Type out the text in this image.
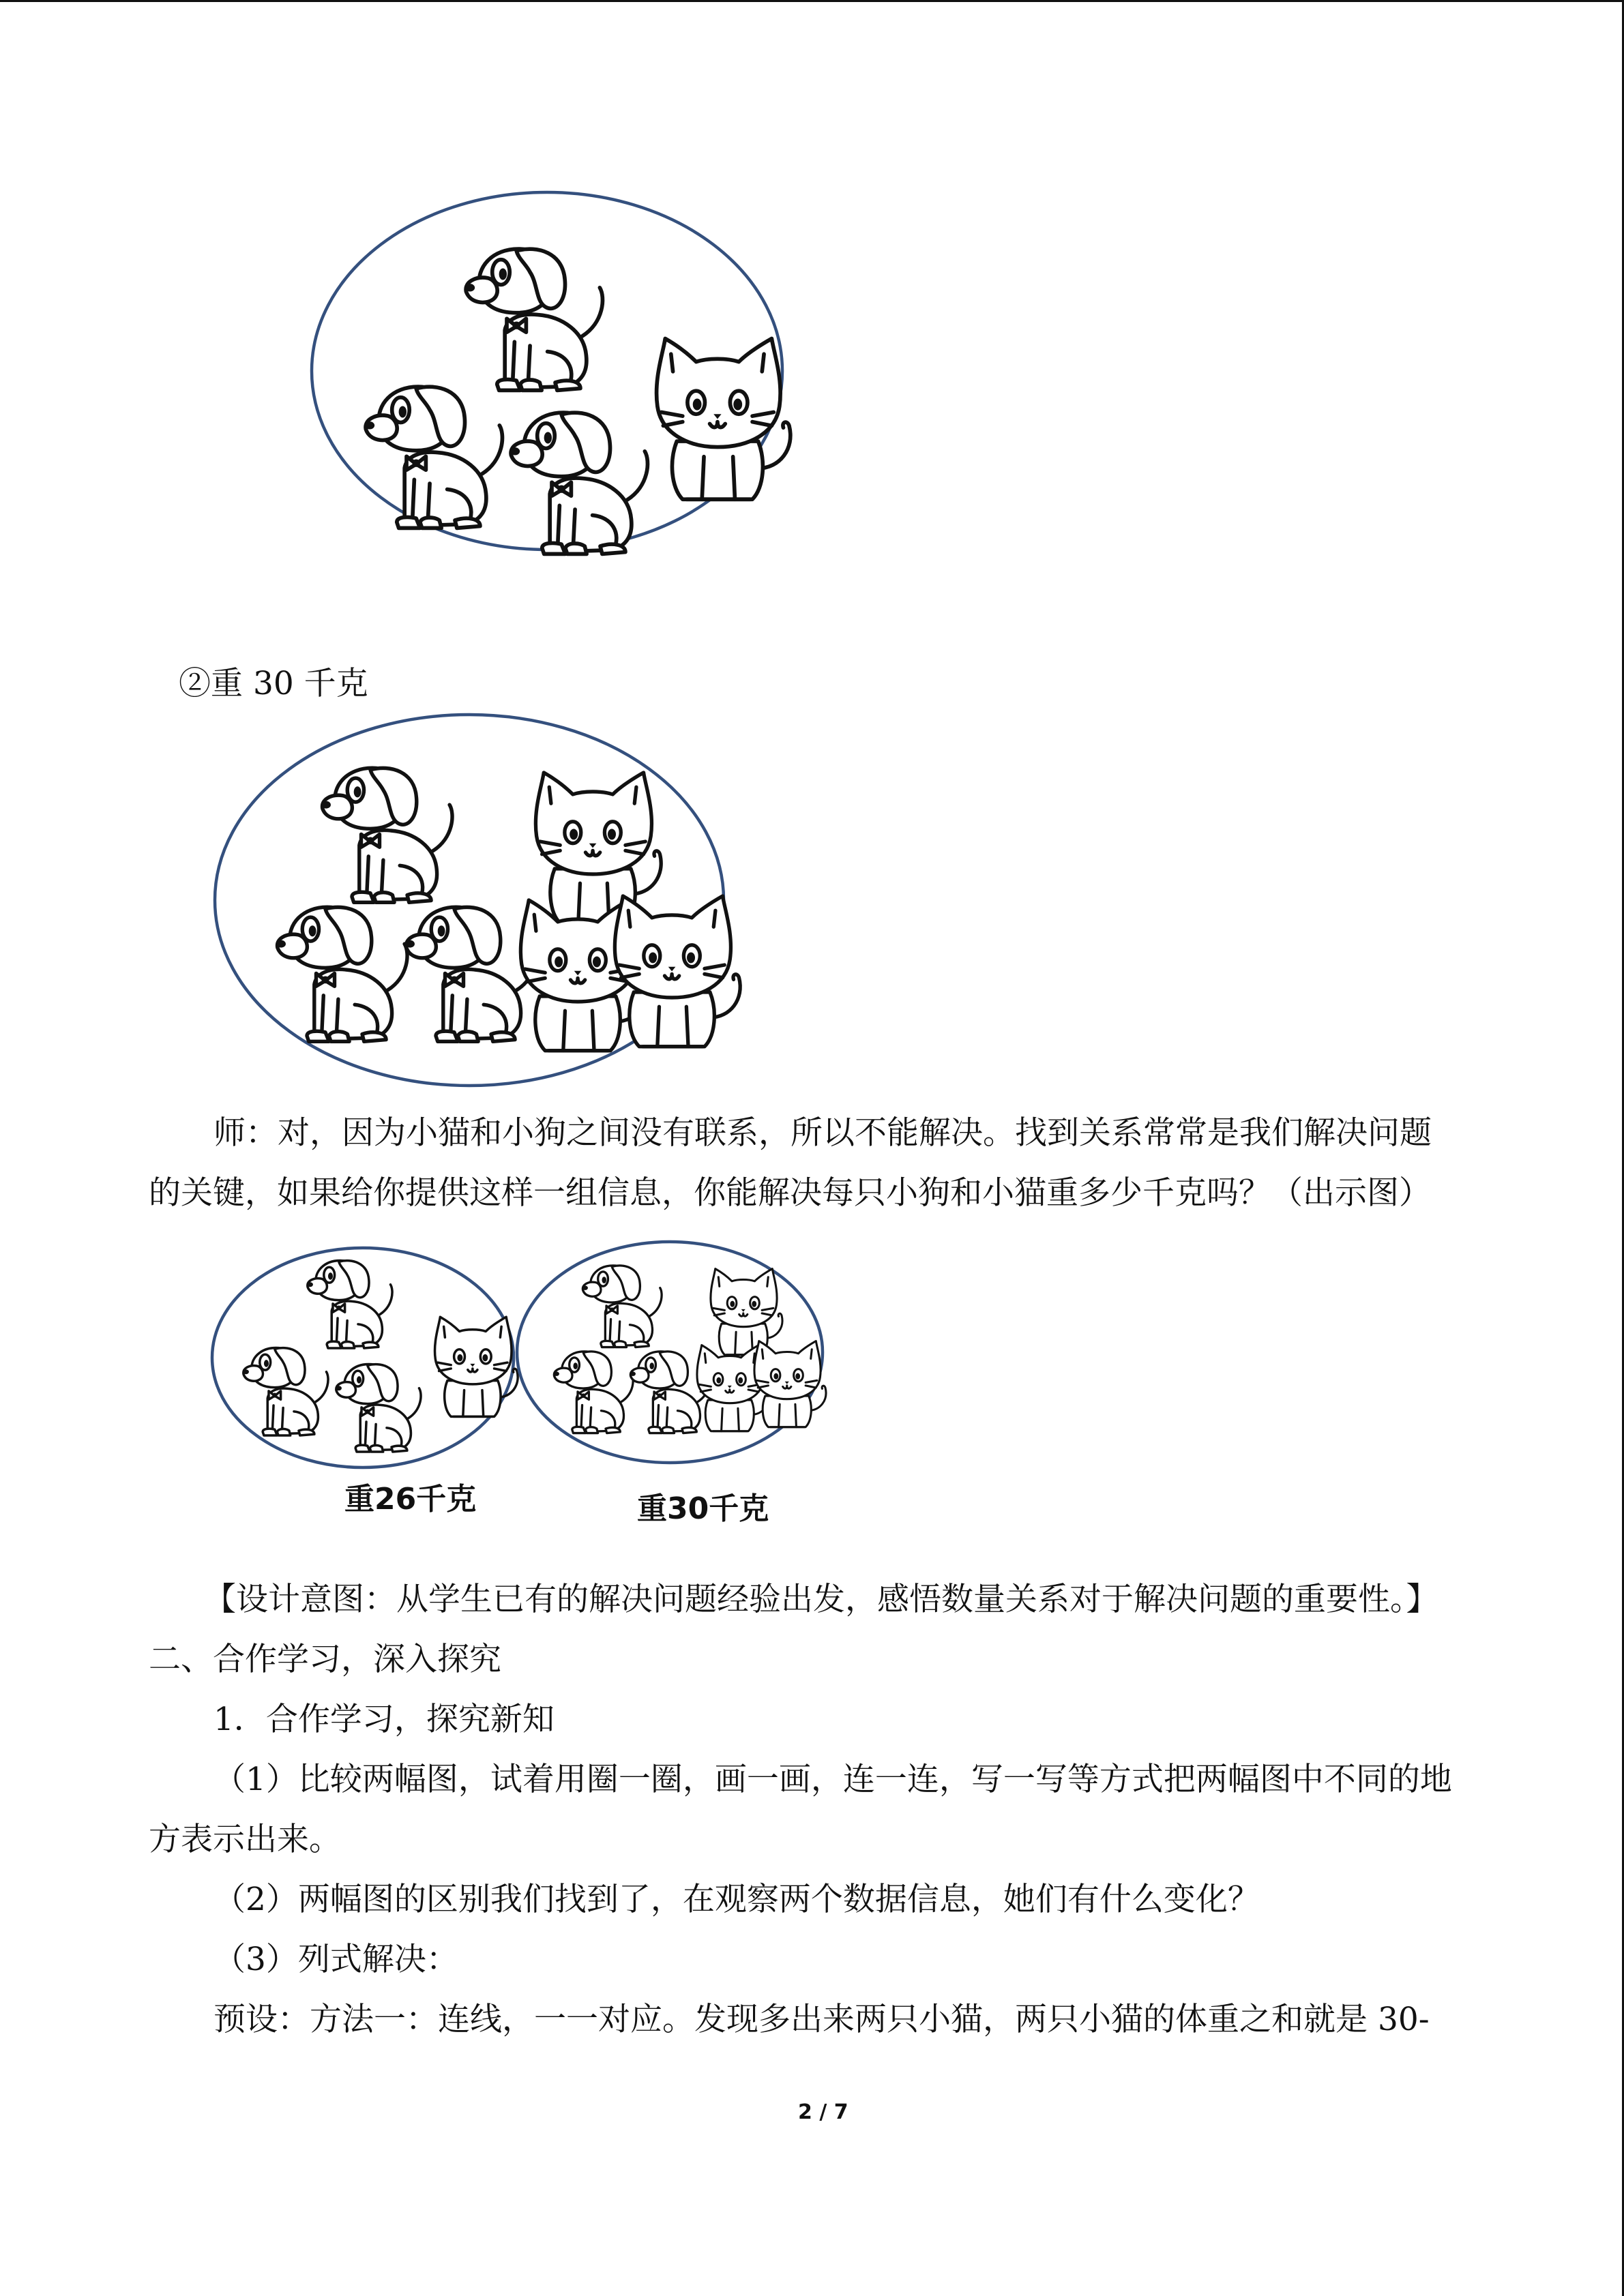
②重 30 千克
师：对，因为小猫和小狗之间没有联系，所以不能解决。找到关系常常是我们解决问题
的关键，如果给你提供这样一组信息，你能解决每只小狗和小猫重多少千克吗？（出示图）
重26千克	重30千克
【设计意图：从学生已有的解决问题经验出发，感悟数量关系对于解决问题的重要性。】
二、合作学习，深入探究
1．合作学习，探究新知
（1）比较两幅图，试着用圈一圈，画一画，连一连，写一写等方式把两幅图中不同的地
方表示出来。
（2）两幅图的区别我们找到了，在观察两个数据信息，她们有什么变化？
（3）列式解决：
预设：方法一：连线，一一对应。发现多出来两只小猫，两只小猫的体重之和就是 30-
2 / 7
